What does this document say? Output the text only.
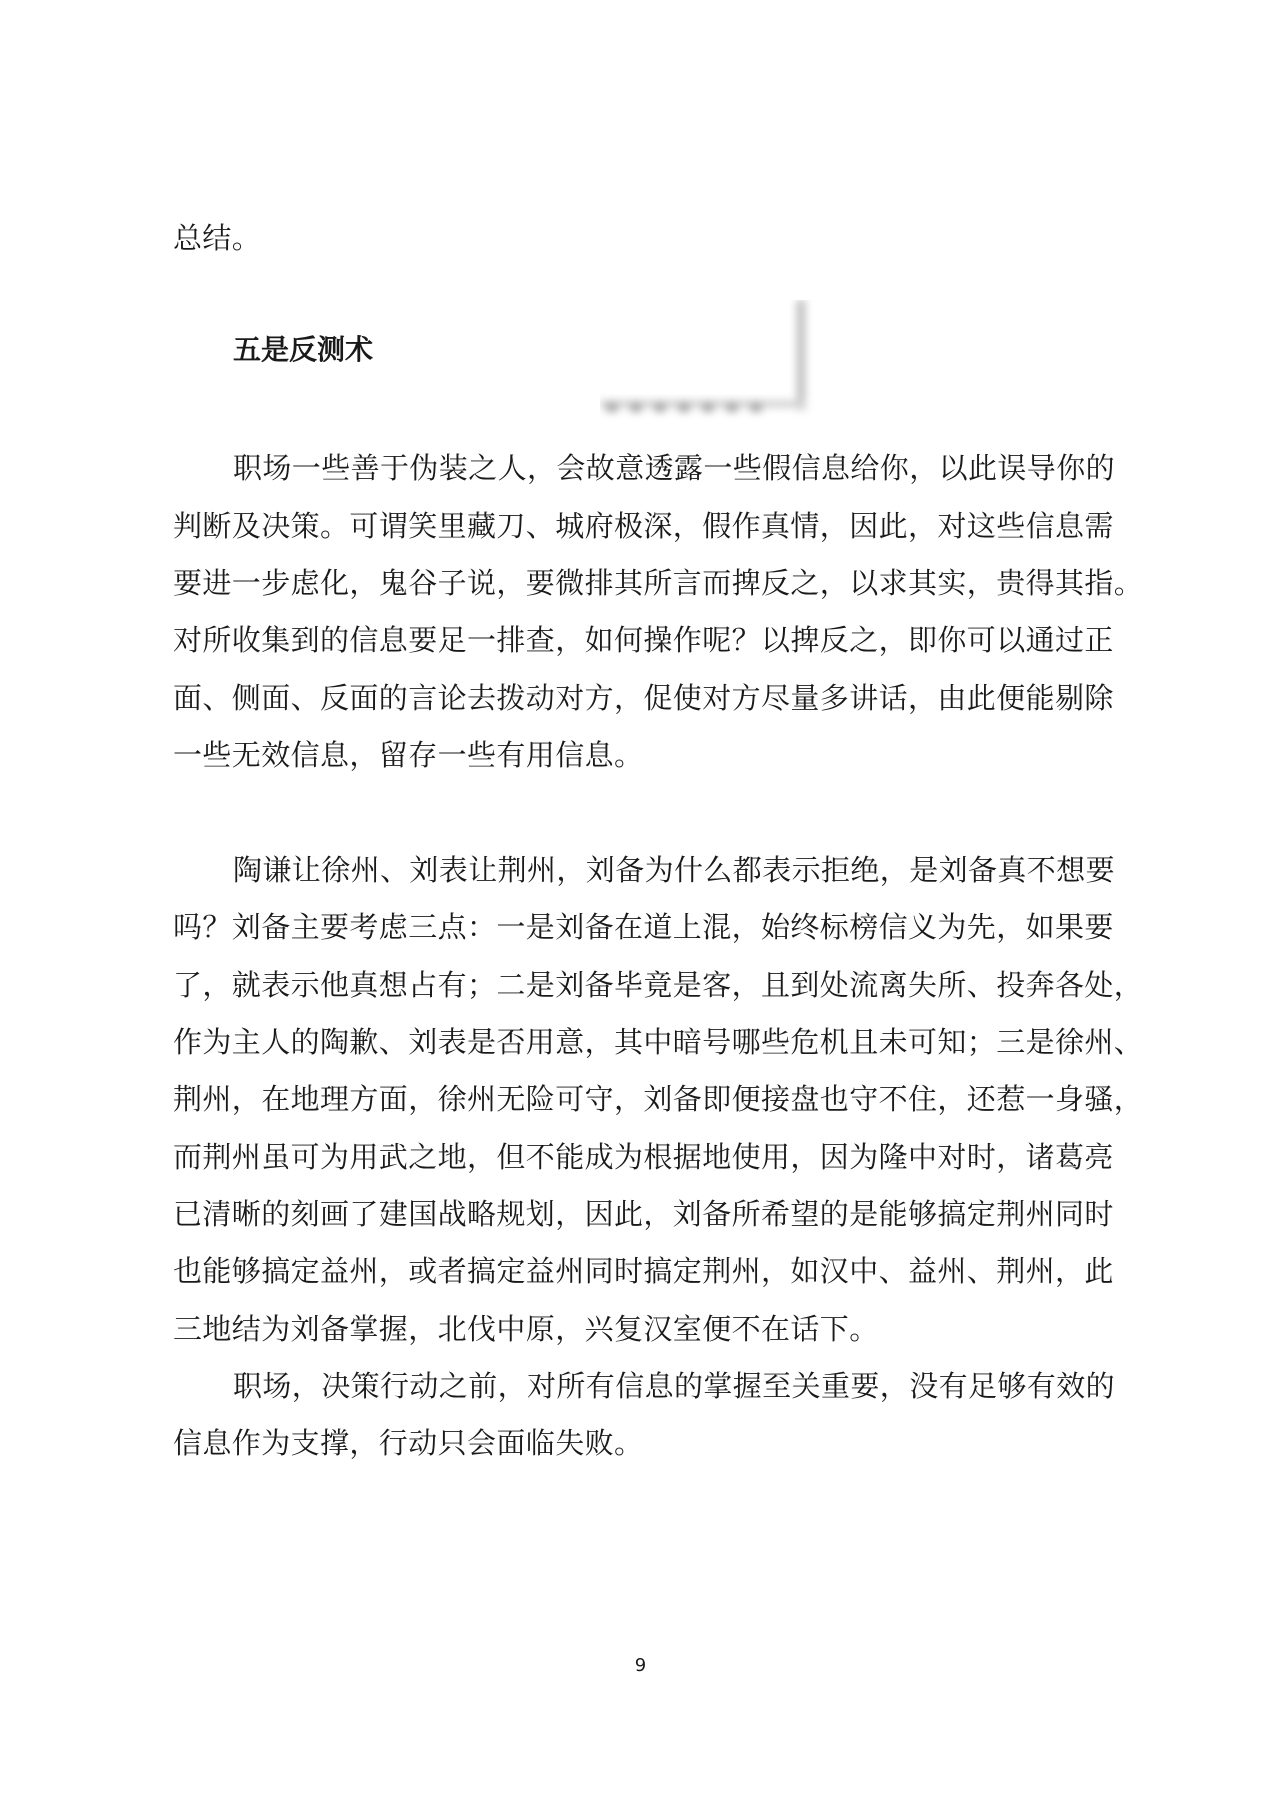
总结。
五是反测术
职场一些善于伪装之人，会故意透露一些假信息给你，以此误导你的
判断及决策。可谓笑里藏刀、城府极深，假作真情，因此，对这些信息需
要进一步虑化，鬼谷子说，要微排其所言而捭反之，以求其实，贵得其指。
对所收集到的信息要足一排查，如何操作呢？以捭反之，即你可以通过正
面、侧面、反面的言论去拨动对方，促使对方尽量多讲话，由此便能剔除
一些无效信息，留存一些有用信息。
陶谦让徐州、刘表让荆州，刘备为什么都表示拒绝，是刘备真不想要
吗？刘备主要考虑三点：一是刘备在道上混，始终标榜信义为先，如果要
了，就表示他真想占有；二是刘备毕竟是客，且到处流离失所、投奔各处，
作为主人的陶歉、刘表是否用意，其中暗号哪些危机且未可知；三是徐州、
荆州，在地理方面，徐州无险可守，刘备即便接盘也守不住，还惹一身骚，
而荆州虽可为用武之地，但不能成为根据地使用，因为隆中对时，诸葛亮
已清晰的刻画了建国战略规划，因此，刘备所希望的是能够搞定荆州同时
也能够搞定益州，或者搞定益州同时搞定荆州，如汉中、益州、荆州，此
三地结为刘备掌握，北伐中原，兴复汉室便不在话下。
职场，决策行动之前，对所有信息的掌握至关重要，没有足够有效的
信息作为支撑，行动只会面临失败。
9
